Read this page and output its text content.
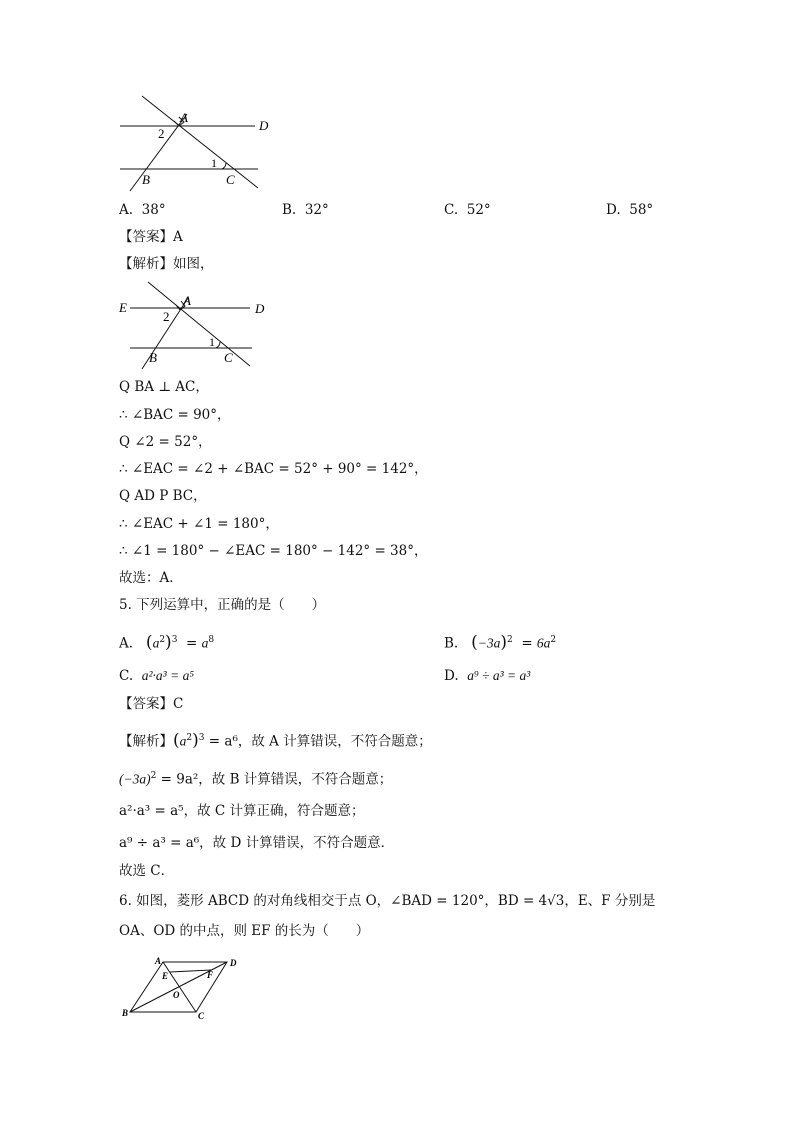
A
D
2
1
B	C
A. 38°	B. 32°	C. 52°	D. 58°
【答案】A
【解析】如图，
E	A
D
2
1
B	C
Q BA ⊥ AC，
∴ ∠BAC = 90°，
Q ∠2 = 52°，
∴ ∠EAC = ∠2 + ∠BAC = 52° + 90° = 142°，
Q AD P BC，
∴ ∠EAC + ∠1 = 180°，
∴ ∠1 = 180° − ∠EAC = 180° − 142° = 38°，
故选：A．
5. 下列运算中，正确的是（　　）
A. $(a^2)^3 = a^8$	B. $(-3a)^2 = 6a^2$
C. a²·a³ = a⁵	D. a⁹ ÷ a³ = a³
【答案】C
【解析】$(a^2)^3 = a^6$，故 A 计算错误，不符合题意；
$(-3a)^2 = 9a^2$，故 B 计算错误，不符合题意；
a²·a³ = a⁵，故 C 计算正确，符合题意；
a⁹ ÷ a³ = a⁶，故 D 计算错误，不符合题意．
故选 C．
6. 如图，菱形 ABCD 的对角线相交于点 O，∠BAD = 120°，BD = 4√3，E、F 分别是
OA、OD 的中点，则 EF 的长为（　　）
A	D
E	F
O
B	C
